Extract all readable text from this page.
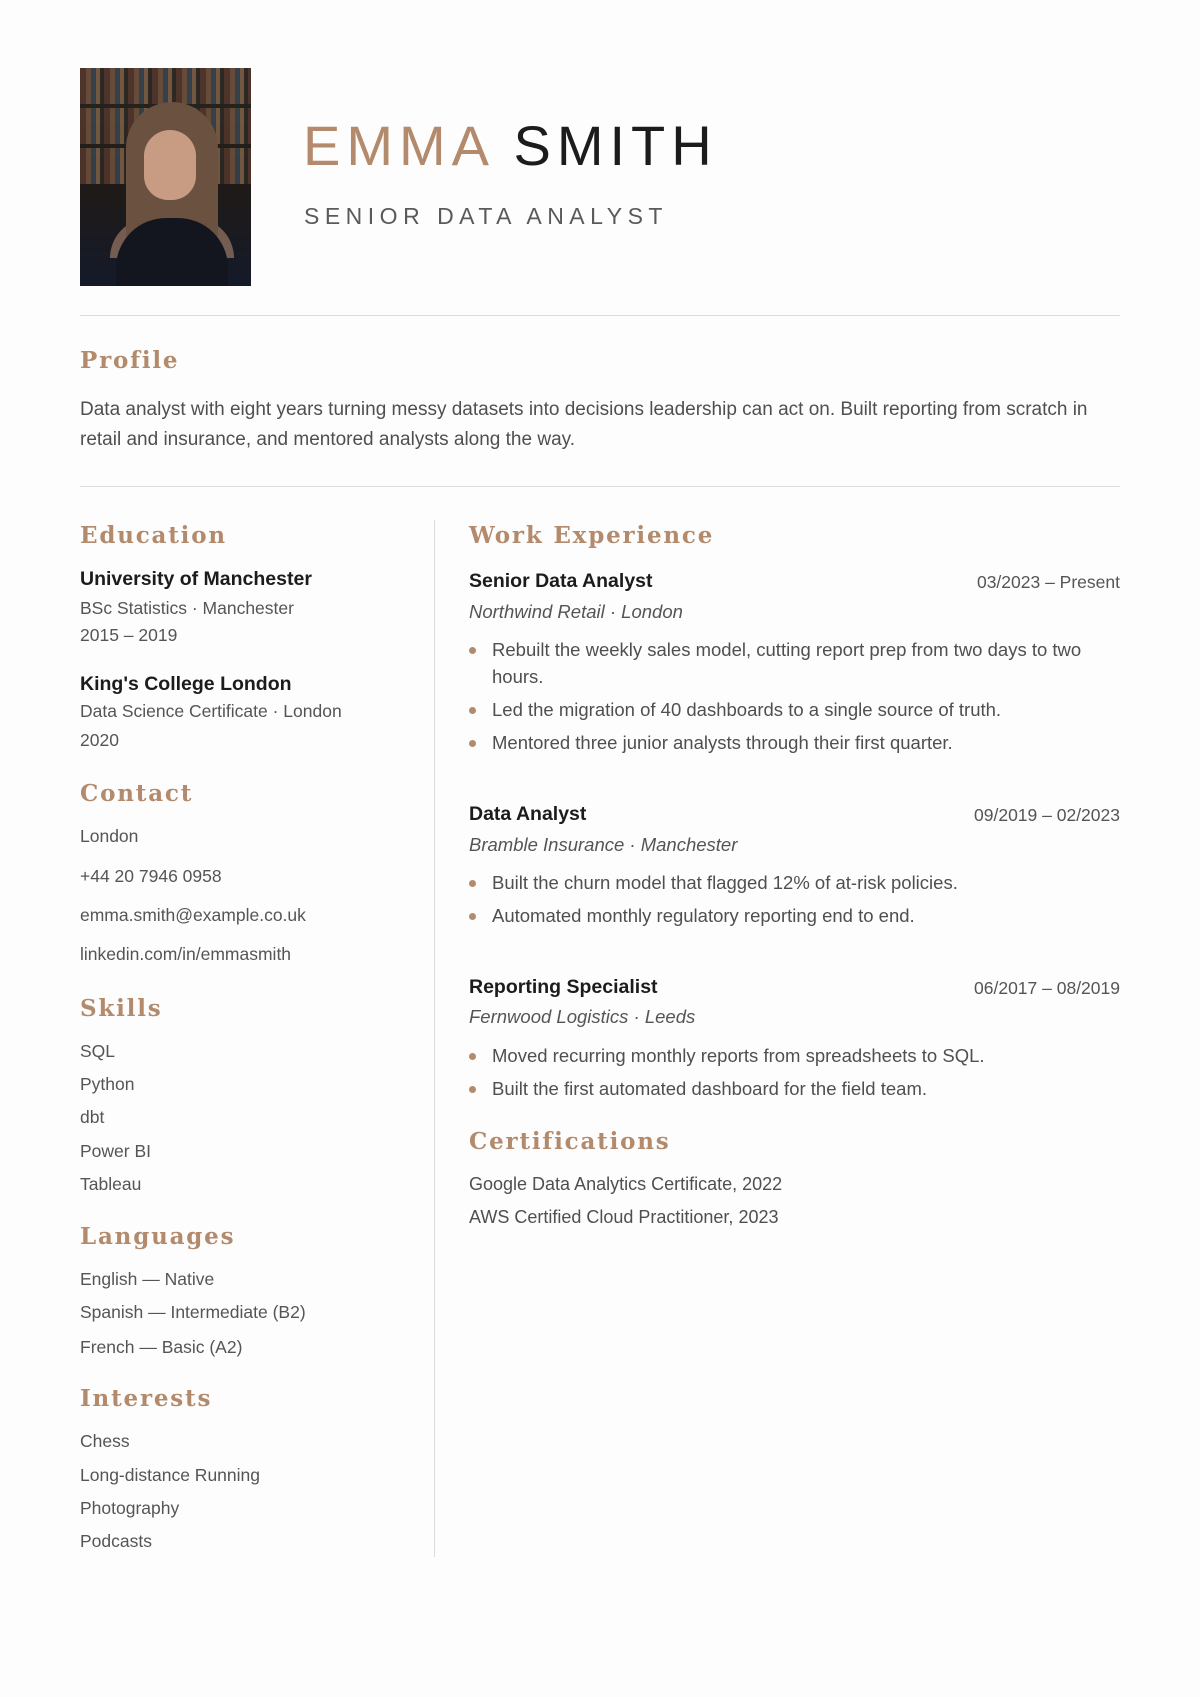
EMMA SMITH
SENIOR DATA ANALYST
Profile
Data analyst with eight years turning messy datasets into decisions leadership can act on. Built reporting from scratch in retail and insurance, and mentored analysts along the way.
Education
University of Manchester
BSc Statistics · Manchester
2015 – 2019
King's College London
Data Science Certificate · London
2020
Contact
London
+44 20 7946 0958
emma.smith@example.co.uk
linkedin.com/in/emmasmith
Skills
SQL
Python
dbt
Power BI
Tableau
Languages
English — Native
Spanish — Intermediate (B2)
French — Basic (A2)
Interests
Chess
Long-distance Running
Photography
Podcasts
Work Experience
Senior Data Analyst	03/2023 – Present
Northwind Retail · London
Rebuilt the weekly sales model, cutting report prep from two days to two hours.
Led the migration of 40 dashboards to a single source of truth.
Mentored three junior analysts through their first quarter.
Data Analyst	09/2019 – 02/2023
Bramble Insurance · Manchester
Built the churn model that flagged 12% of at-risk policies.
Automated monthly regulatory reporting end to end.
Reporting Specialist	06/2017 – 08/2019
Fernwood Logistics · Leeds
Moved recurring monthly reports from spreadsheets to SQL.
Built the first automated dashboard for the field team.
Certifications
Google Data Analytics Certificate, 2022
AWS Certified Cloud Practitioner, 2023
